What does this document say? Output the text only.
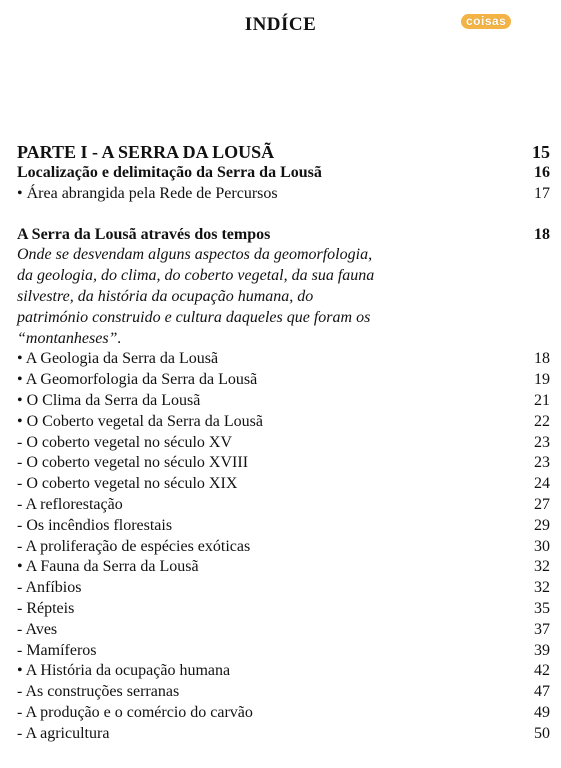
INDÍCE	coisas
PARTE I - A SERRA DA LOUSÃ	15
Localização e delimitação da Serra da Lousã	16
• Área abrangida pela Rede de Percursos	17
A Serra da Lousã através dos tempos	18
Onde se desvendam alguns aspectos da geomorfologia,
da geologia, do clima, do coberto vegetal, da sua fauna
silvestre, da história da ocupação humana, do
património construido e cultura daqueles que foram os
“montanheses”.
• A Geologia da Serra da Lousã	18
• A Geomorfologia da Serra da Lousã	19
• O Clima da Serra da Lousã	21
• O Coberto vegetal da Serra da Lousã	22
- O coberto vegetal no século XV	23
- O coberto vegetal no século XVIII	23
- O coberto vegetal no século XIX	24
- A reflorestação	27
- Os incêndios florestais	29
- A proliferação de espécies exóticas	30
• A Fauna da Serra da Lousã	32
- Anfíbios	32
- Répteis	35
- Aves	37
- Mamíferos	39
• A História da ocupação humana	42
- As construções serranas	47
- A produção e o comércio do carvão	49
- A agricultura	50
